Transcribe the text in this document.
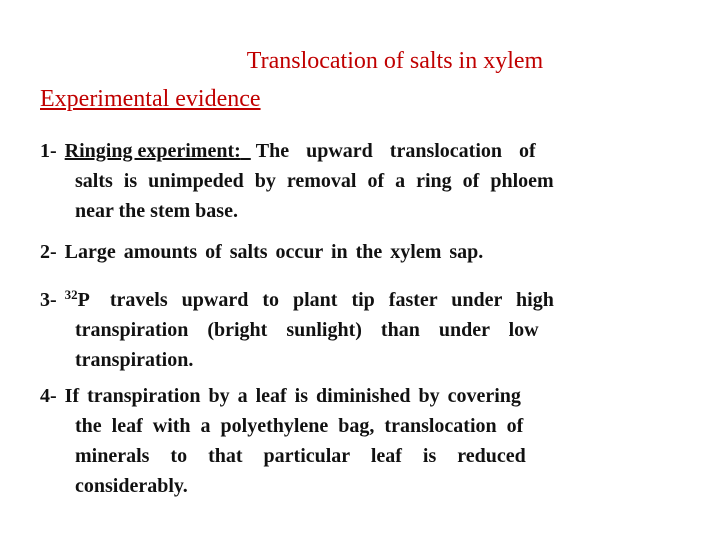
Translocation of salts in xylem
Experimental evidence
1- Ringing experiment: The upward translocation of
salts is unimpeded by removal of a ring of phloem
near the stem base.
2- Large amounts of salts occur in the xylem sap.
3- $^{32}$P travels upward to plant tip faster under high
transpiration (bright sunlight) than under low
transpiration.
4- If transpiration by a leaf is diminished by covering
the leaf with a polyethylene bag, translocation of
minerals to that particular leaf is reduced
considerably.
